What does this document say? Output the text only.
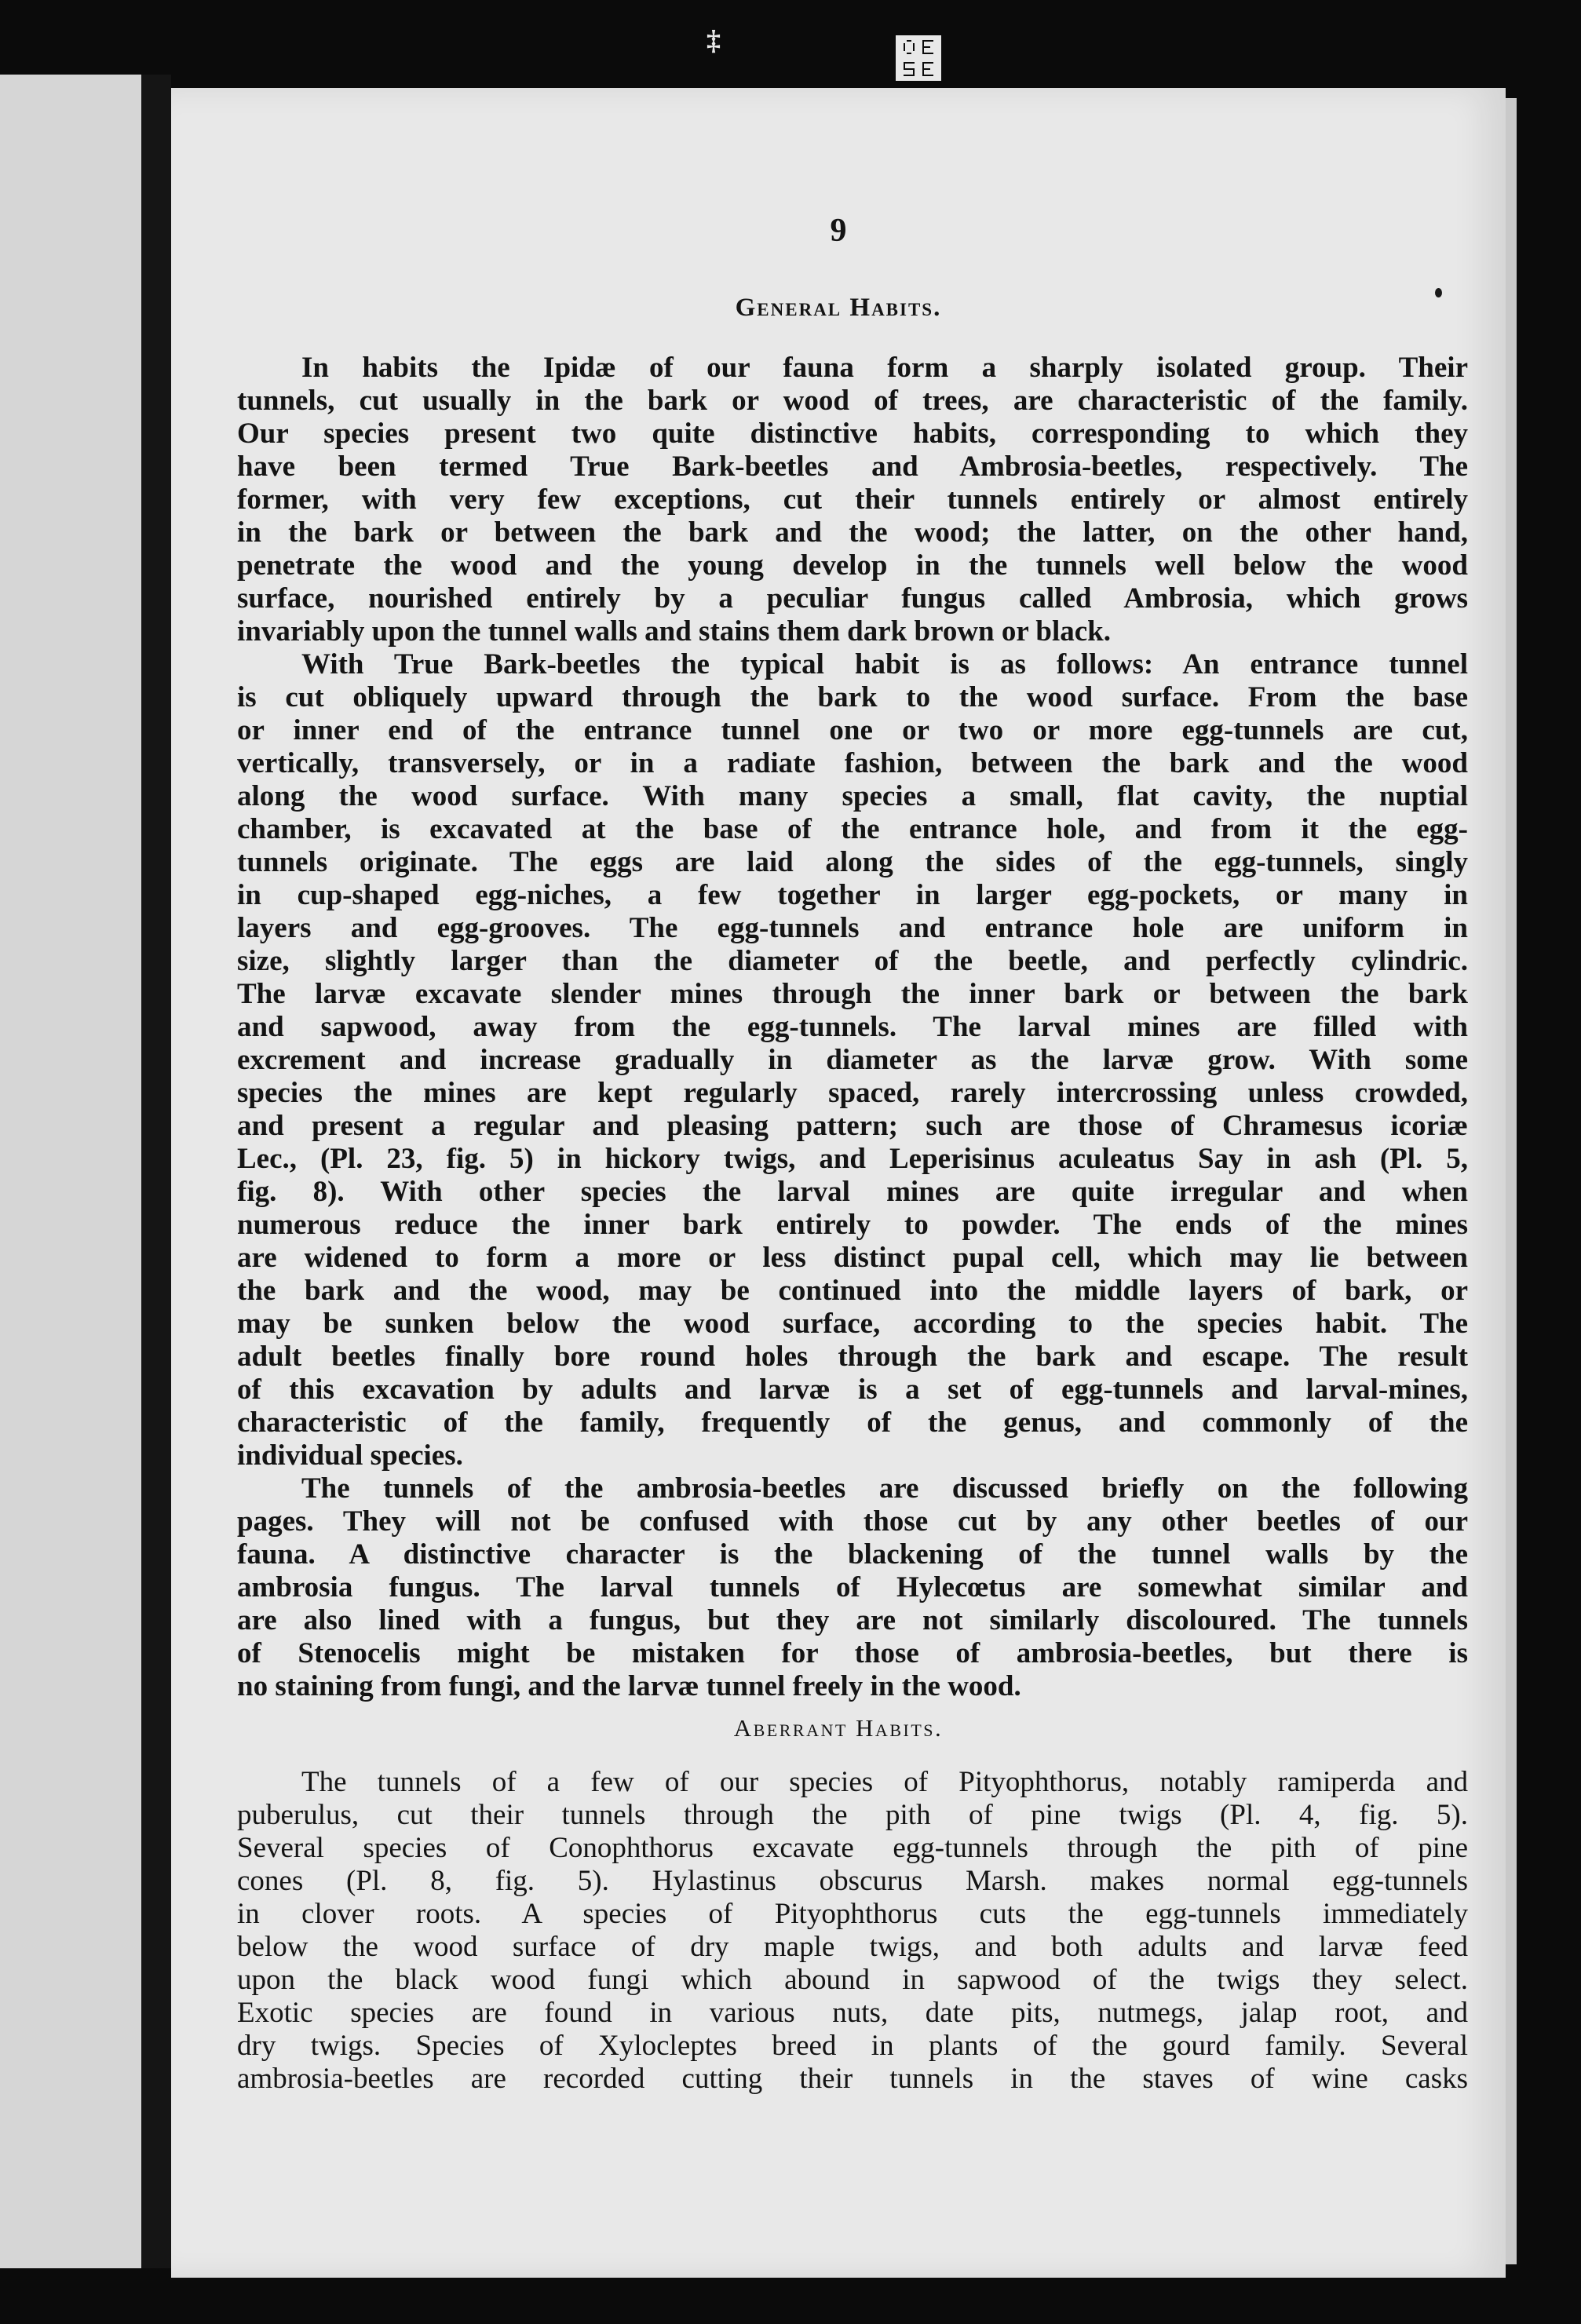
‡	๞
9
General Habits.
In habits the Ipidæ of our fauna form a sharply isolated group. Their
tunnels, cut usually in the bark or wood of trees, are characteristic of the family.
Our species present two quite distinctive habits, corresponding to which they
have been termed True Bark-beetles and Ambrosia-beetles, respectively. The
former, with very few exceptions, cut their tunnels entirely or almost entirely
in the bark or between the bark and the wood; the latter, on the other hand,
penetrate the wood and the young develop in the tunnels well below the wood
surface, nourished entirely by a peculiar fungus called Ambrosia, which grows
invariably upon the tunnel walls and stains them dark brown or black.
With True Bark-beetles the typical habit is as follows: An entrance tunnel
is cut obliquely upward through the bark to the wood surface. From the base
or inner end of the entrance tunnel one or two or more egg-tunnels are cut,
vertically, transversely, or in a radiate fashion, between the bark and the wood
along the wood surface. With many species a small, flat cavity, the nuptial
chamber, is excavated at the base of the entrance hole, and from it the egg-
tunnels originate. The eggs are laid along the sides of the egg-tunnels, singly
in cup-shaped egg-niches, a few together in larger egg-pockets, or many in
layers and egg-grooves. The egg-tunnels and entrance hole are uniform in
size, slightly larger than the diameter of the beetle, and perfectly cylindric.
The larvæ excavate slender mines through the inner bark or between the bark
and sapwood, away from the egg-tunnels. The larval mines are filled with
excrement and increase gradually in diameter as the larvæ grow. With some
species the mines are kept regularly spaced, rarely intercrossing unless crowded,
and present a regular and pleasing pattern; such are those of Chramesus icoriæ
Lec., (Pl. 23, fig. 5) in hickory twigs, and Leperisinus aculeatus Say in ash (Pl. 5,
fig. 8). With other species the larval mines are quite irregular and when
numerous reduce the inner bark entirely to powder. The ends of the mines
are widened to form a more or less distinct pupal cell, which may lie between
the bark and the wood, may be continued into the middle layers of bark, or
may be sunken below the wood surface, according to the species habit. The
adult beetles finally bore round holes through the bark and escape. The result
of this excavation by adults and larvæ is a set of egg-tunnels and larval-mines,
characteristic of the family, frequently of the genus, and commonly of the
individual species.
The tunnels of the ambrosia-beetles are discussed briefly on the following
pages. They will not be confused with those cut by any other beetles of our
fauna. A distinctive character is the blackening of the tunnel walls by the
ambrosia fungus. The larval tunnels of Hylecœtus are somewhat similar and
are also lined with a fungus, but they are not similarly discoloured. The tunnels
of Stenocelis might be mistaken for those of ambrosia-beetles, but there is
no staining from fungi, and the larvæ tunnel freely in the wood.
Aberrant Habits.
The tunnels of a few of our species of Pityophthorus, notably ramiperda and
puberulus, cut their tunnels through the pith of pine twigs (Pl. 4, fig. 5).
Several species of Conophthorus excavate egg-tunnels through the pith of pine
cones (Pl. 8, fig. 5). Hylastinus obscurus Marsh. makes normal egg-tunnels
in clover roots. A species of Pityophthorus cuts the egg-tunnels immediately
below the wood surface of dry maple twigs, and both adults and larvæ feed
upon the black wood fungi which abound in sapwood of the twigs they select.
Exotic species are found in various nuts, date pits, nutmegs, jalap root, and
dry twigs. Species of Xylocleptes breed in plants of the gourd family. Several
ambrosia-beetles are recorded cutting their tunnels in the staves of wine casks
